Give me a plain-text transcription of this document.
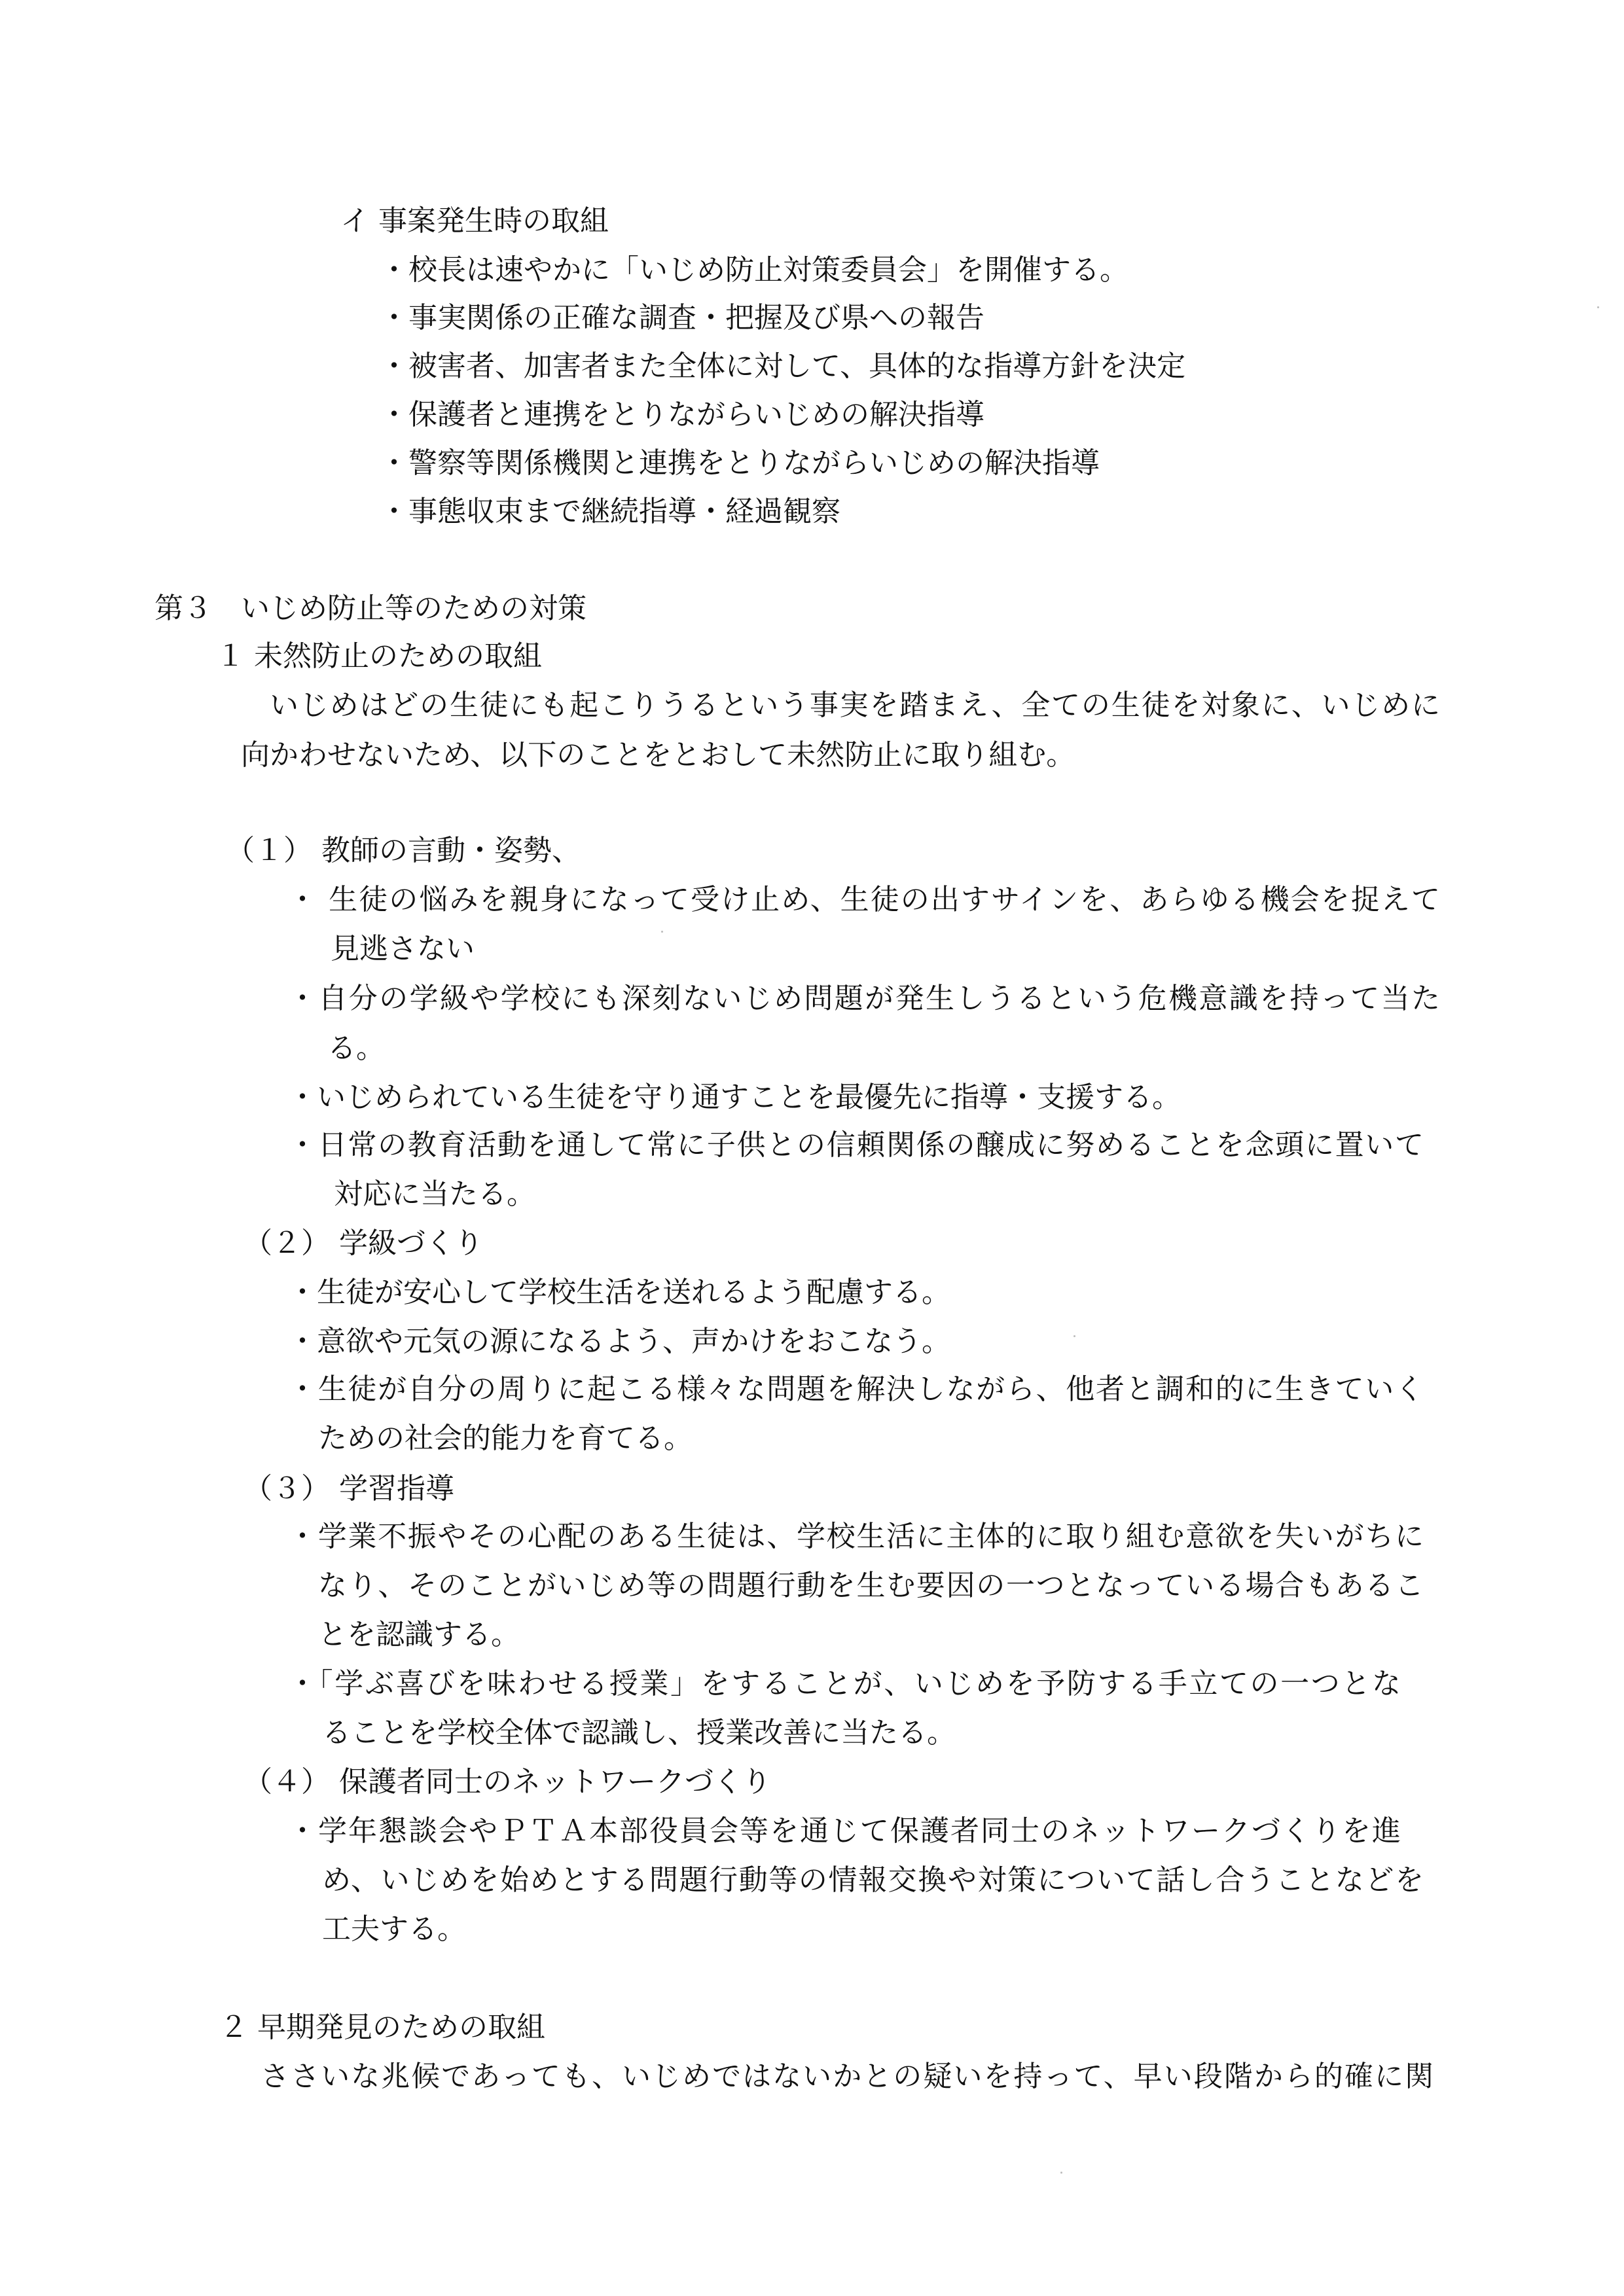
イ 事案発生時の取組
・校長は速やかに「いじめ防止対策委員会」を開催する。
・事実関係の正確な調査・把握及び県への報告
・被害者、加害者また全体に対して、具体的な指導方針を決定
・保護者と連携をとりながらいじめの解決指導
・警察等関係機関と連携をとりながらいじめの解決指導
・事態収束まで継続指導・経過観察
第３　いじめ防止等のための対策
１ 未然防止のための取組
いじめはどの生徒にも起こりうるという事実を踏まえ、全ての生徒を対象に、いじめに
向かわせないため、以下のことをとおして未然防止に取り組む。
（１） 教師の言動・姿勢、
・ 生徒の悩みを親身になって受け止め、生徒の出すサインを、あらゆる機会を捉えて
見逃さない
・自分の学級や学校にも深刻ないじめ問題が発生しうるという危機意識を持って当た
る。
・いじめられている生徒を守り通すことを最優先に指導・支援する。
・日常の教育活動を通して常に子供との信頼関係の醸成に努めることを念頭に置いて
対応に当たる。
（２） 学級づくり
・生徒が安心して学校生活を送れるよう配慮する。
・意欲や元気の源になるよう、声かけをおこなう。
・生徒が自分の周りに起こる様々な問題を解決しながら、他者と調和的に生きていく
ための社会的能力を育てる。
（３） 学習指導
・学業不振やその心配のある生徒は、学校生活に主体的に取り組む意欲を失いがちに
なり、そのことがいじめ等の問題行動を生む要因の一つとなっている場合もあるこ
とを認識する。
・「学ぶ喜びを味わせる授業」をすることが、いじめを予防する手立ての一つとな
ることを学校全体で認識し、授業改善に当たる。
（４） 保護者同士のネットワークづくり
・学年懇談会やＰＴＡ本部役員会等を通じて保護者同士のネットワークづくりを進
め、いじめを始めとする問題行動等の情報交換や対策について話し合うことなどを
工夫する。
２ 早期発見のための取組
ささいな兆候であっても、いじめではないかとの疑いを持って、早い段階から的確に関
